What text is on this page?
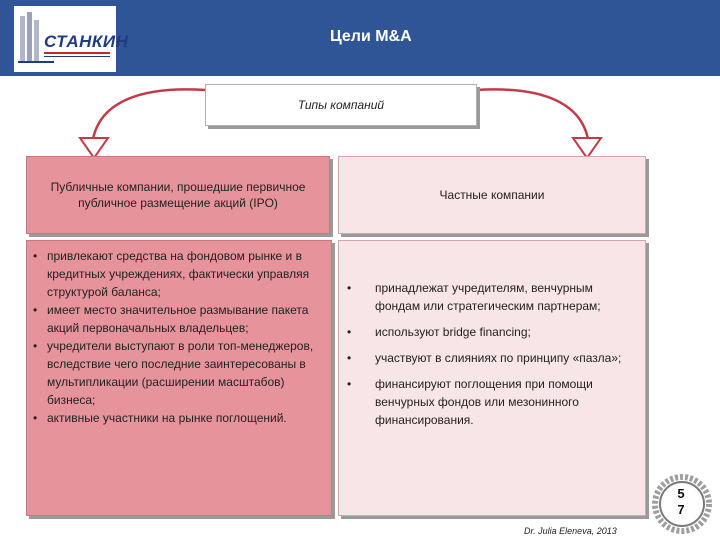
СТАНКИН	Цели M&A
Типы компаний
Публичные компании, прошедшие первичное публичное размещение акций (IPO)
Частные компании
• привлекают средства на фондовом рынке и в кредитных учреждениях, фактически управляя структурой баланса;
• имеет место значительное размывание пакета акций первоначальных владельцев;
• учредители выступают в роли топ-менеджеров, вследствие чего последние заинтересованы в мультипликации (расширении масштабов) бизнеса;
• активные участники на рынке поглощений.
• принадлежат учредителям, венчурным фондам или стратегическим партнерам;
• используют bridge financing;
• участвуют в слияниях по принципу «пазла»;
• финансируют поглощения при помощи венчурных фондов или мезонинного финансирования.
5
7
Dr. Julia Eleneva, 2013
